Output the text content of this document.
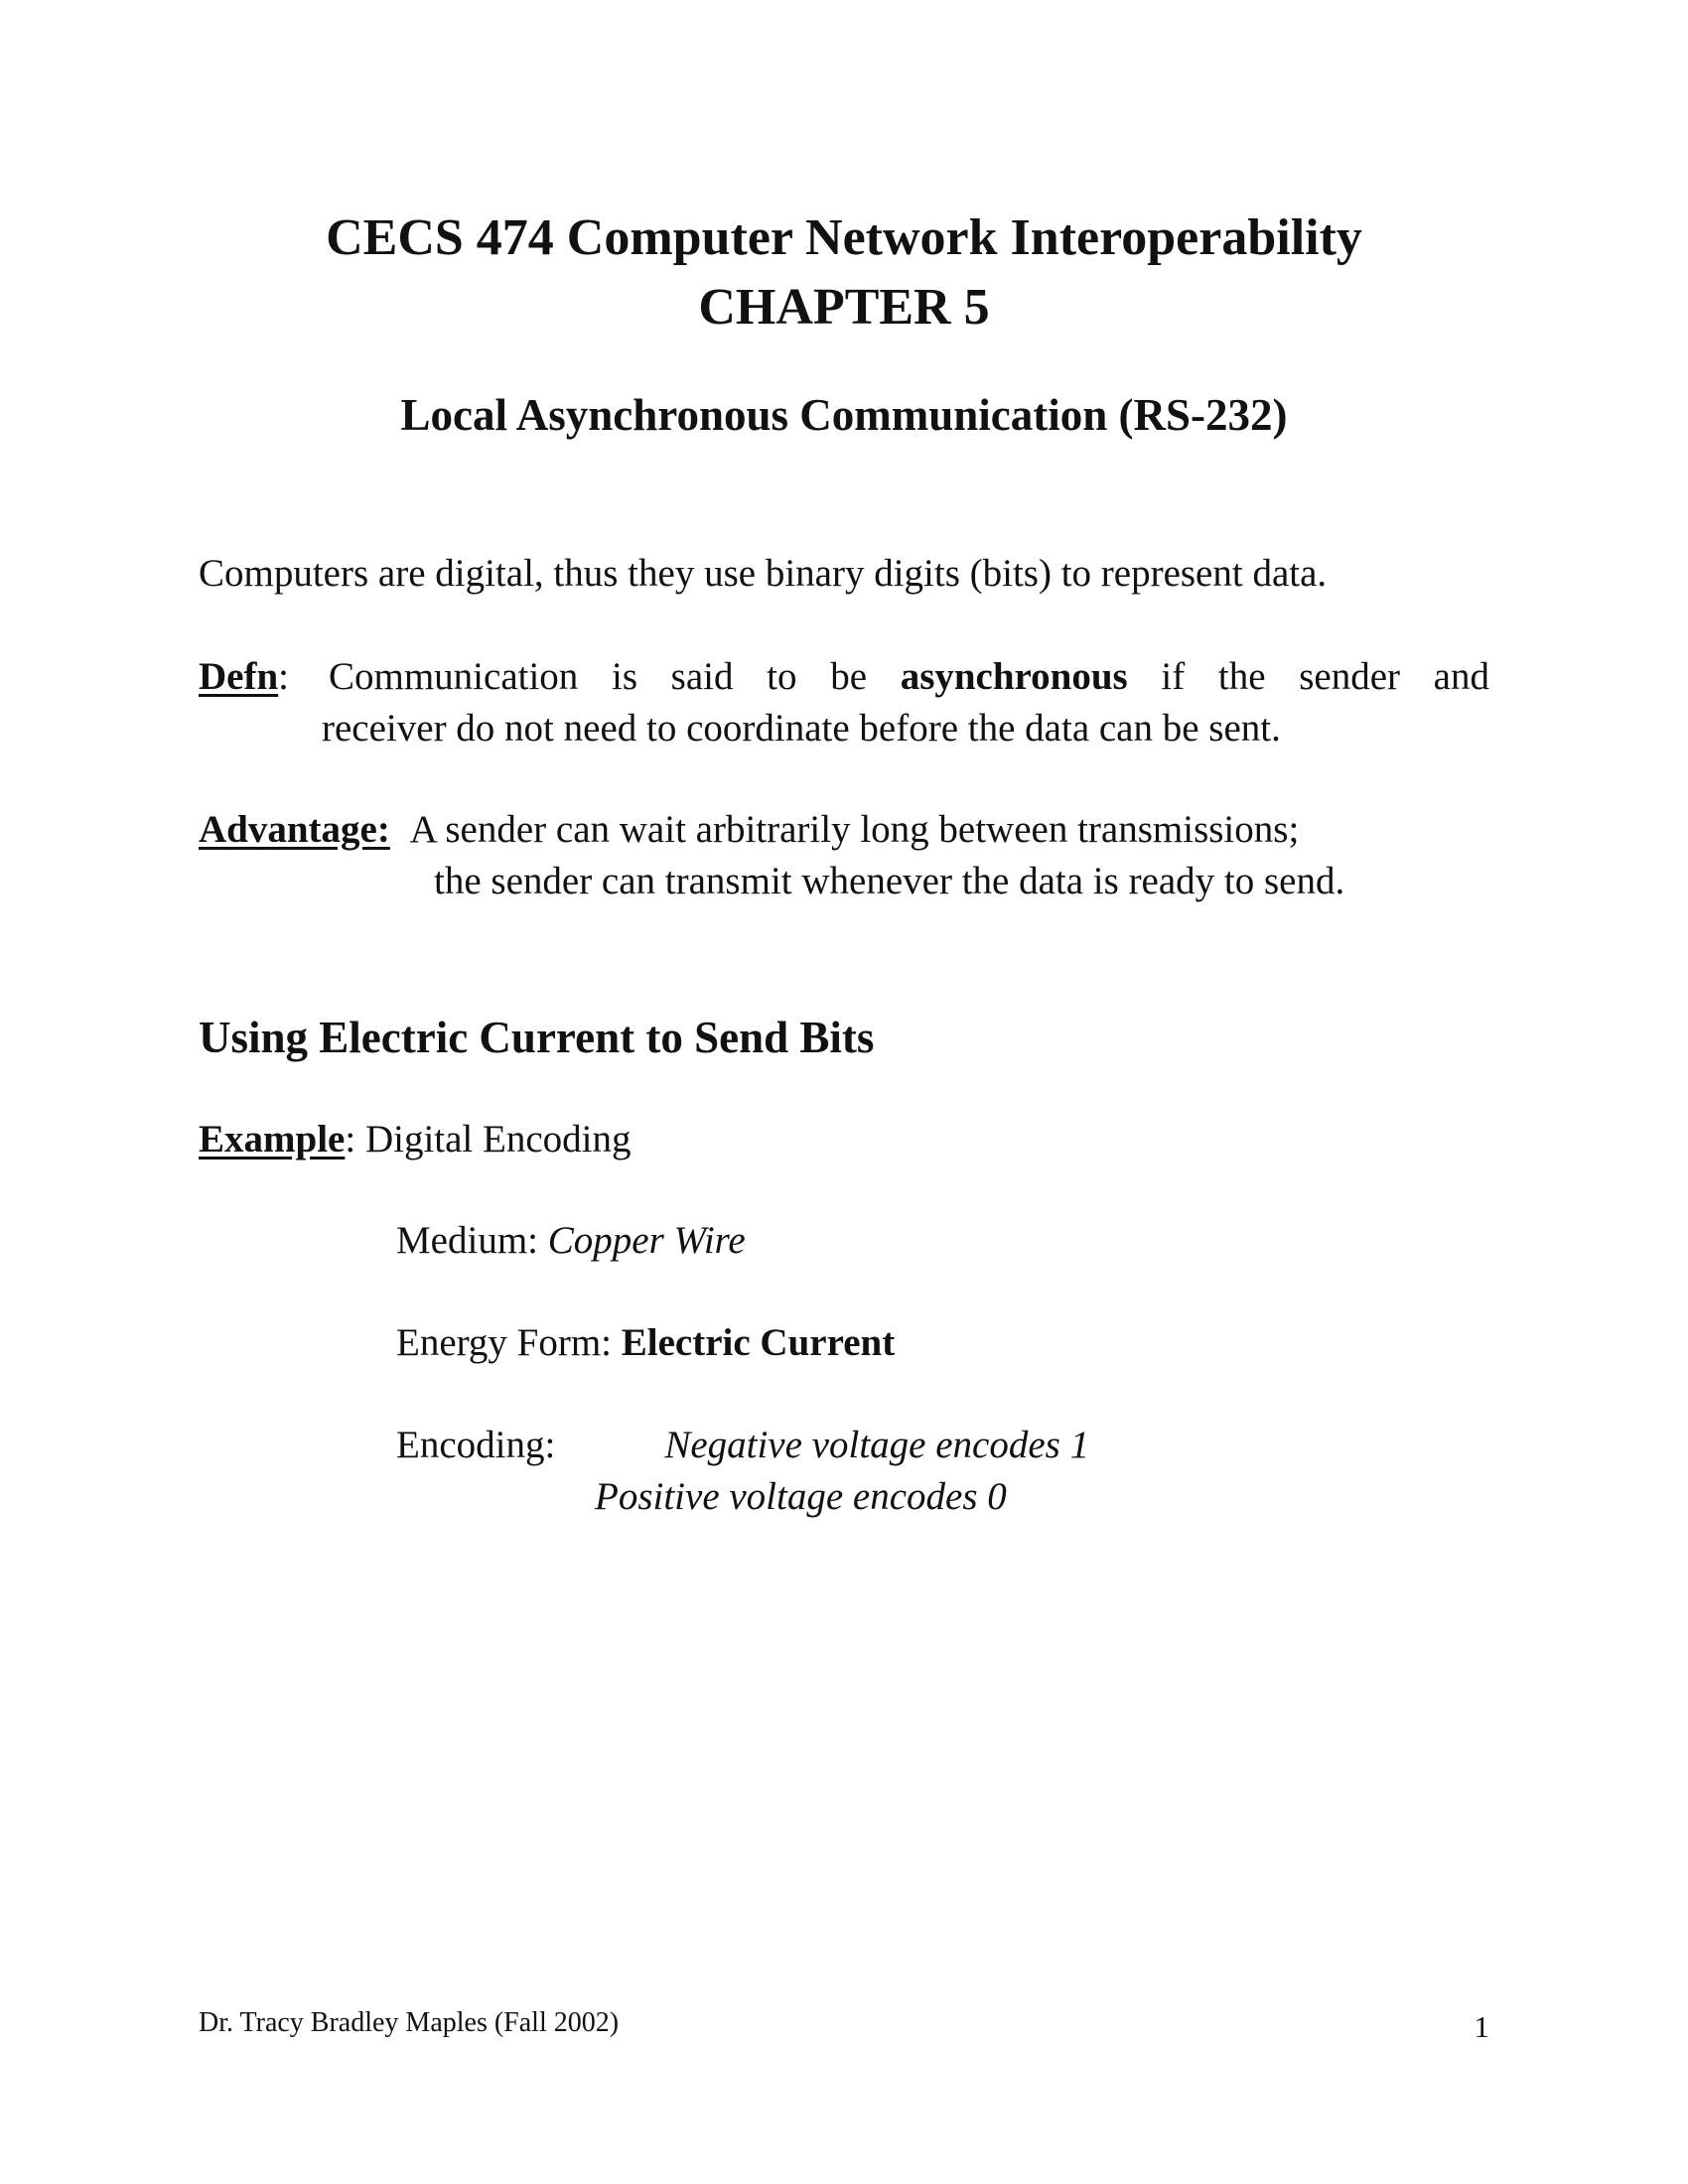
CECS 474 Computer Network Interoperability
CHAPTER 5
Local Asynchronous Communication (RS-232)
Computers are digital, thus they use binary digits (bits) to represent data.
Defn: Communication is said to be asynchronous if the sender and
receiver do not need to coordinate before the data can be sent.
Advantage: A sender can wait arbitrarily long between transmissions;
the sender can transmit whenever the data is ready to send.
Using Electric Current to Send Bits
Example: Digital Encoding
Medium: Copper Wire
Energy Form: Electric Current
Encoding:	Negative voltage encodes 1
Positive voltage encodes 0
Dr. Tracy Bradley Maples (Fall 2002)	1
